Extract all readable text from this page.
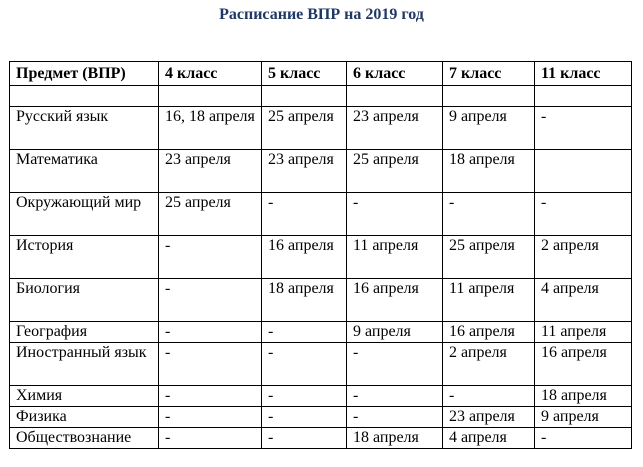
Расписание ВПР на 2019 год
Предмет (ВПР)	4 класс	5 класс	6 класс	7 класс	11 класс

Русский язык	16, 18 апреля	25 апреля	23 апреля	9 апреля	-
Математика	23 апреля	23 апреля	25 апреля	18 апреля	
Окружающий мир	25 апреля	-	-	-	-
История	-	16 апреля	11 апреля	25 апреля	2 апреля
Биология	-	18 апреля	16 апреля	11 апреля	4 апреля
География	-	-	9 апреля	16 апреля	11 апреля
Иностранный язык	-	-	-	2 апреля	16 апреля
Химия	-	-	-	-	18 апреля
Физика	-	-	-	23 апреля	9 апреля
Обществознание	-	-	18 апреля	4 апреля	-
